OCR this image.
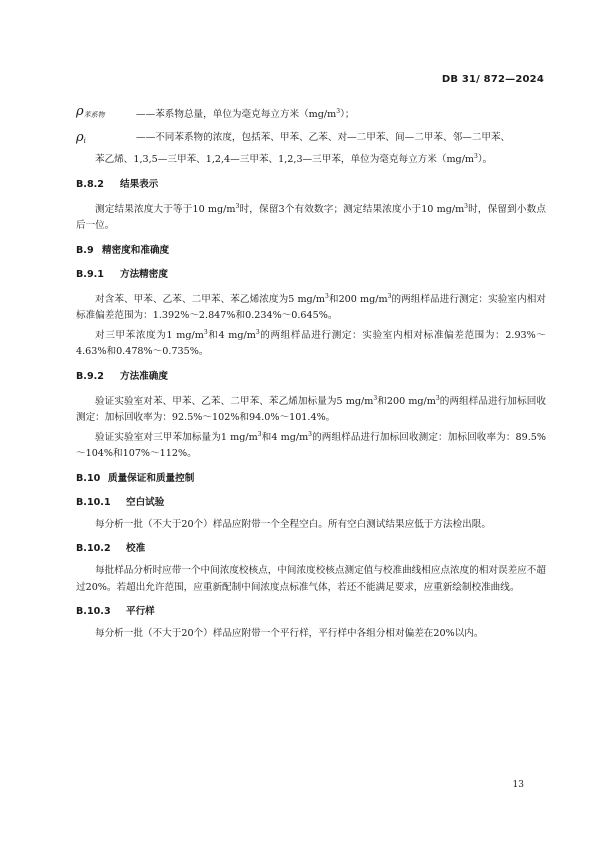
DB 31/ 872—2024
$\rho_{苯系物}$	——苯系物总量，单位为毫克每立方米$(mg/m^3)$；
$\rho_i$	——不同苯系物的浓度，包括苯、甲苯、乙苯、对—二甲苯、间—二甲苯、邻—二甲苯、

苯乙烯、1,3,5—三甲苯、1,2,4—三甲苯、1,2,3—三甲苯，单位为毫克每立方米$(mg/m^3)$。

B.8.2 结果表示

测定结果浓度大于等于10 $mg/m^3$时，保留3个有效数字；测定结果浓度小于10 $mg/m^3$时，保留到小数点后一位。

B.9 精密度和准确度

B.9.1 方法精密度

对含苯、甲苯、乙苯、二甲苯、苯乙烯浓度为5 $mg/m^3$和200 $mg/m^3$的两组样品进行测定：实验室内相对标准偏差范围为：1.392%～2.847%和0.234%～0.645%。

对三甲苯浓度为1 $mg/m^3$和4 $mg/m^3$的两组样品进行测定：实验室内相对标准偏差范围为：2.93%～4.63%和0.478%～0.735%。

B.9.2 方法准确度

验证实验室对苯、甲苯、乙苯、二甲苯、苯乙烯加标量为5 $mg/m^3$和200 $mg/m^3$的两组样品进行加标回收测定：加标回收率为：92.5%～102%和94.0%～101.4%。

验证实验室对三甲苯加标量为1 $mg/m^3$和4 $mg/m^3$的两组样品进行加标回收测定：加标回收率为：89.5%～104%和107%～112%。

B.10 质量保证和质量控制

B.10.1 空白试验

每分析一批（不大于20个）样品应附带一个全程空白。所有空白测试结果应低于方法检出限。

B.10.2 校准

每批样品分析时应带一个中间浓度校核点，中间浓度校核点测定值与校准曲线相应点浓度的相对误差应不超过20%。若超出允许范围，应重新配制中间浓度点标准气体，若还不能满足要求，应重新绘制校准曲线。

B.10.3 平行样

每分析一批（不大于20个）样品应附带一个平行样，平行样中各组分相对偏差在20%以内。

13
